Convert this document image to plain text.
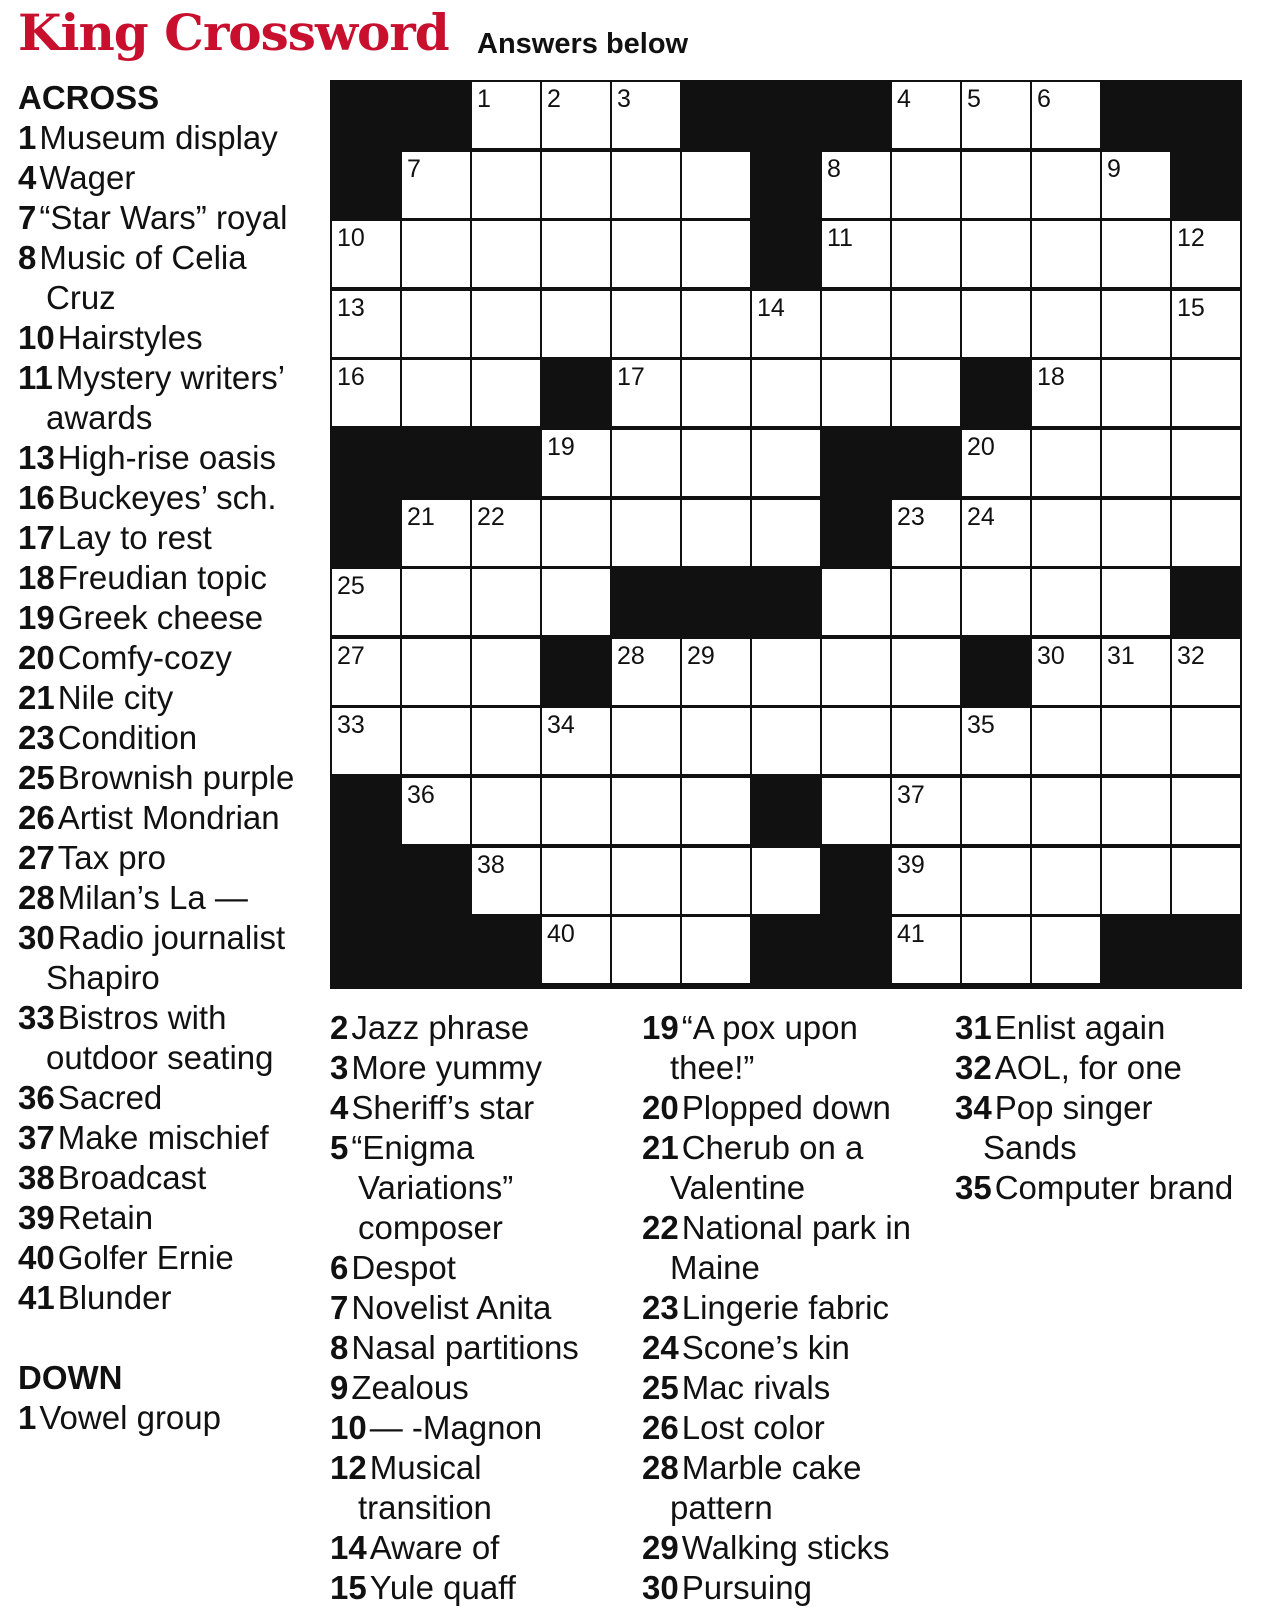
King Crossword Answers below
1 2 3	4 5 6
7	8	9
10	11	12
13	14	15
16	17	18
19	20
21 22	23 24
25
27	28 29	30 31 32
33	34	35
36	37
38	39
40	41
ACROSS
1Museum display
4Wager
7“Star Wars” royal
8Music of Celia Cruz
10Hairstyles
11Mystery writers’ awards
13High-rise oasis
16Buckeyes’ sch.
17Lay to rest
18Freudian topic
19Greek cheese
20Comfy-cozy
21Nile city
23Condition
25Brownish purple
26Artist Mondrian
27Tax pro
28Milan’s La —
30Radio journalist Shapiro
33Bistros with outdoor seating
36Sacred
37Make mischief
38Broadcast
39Retain
40Golfer Ernie
41Blunder
DOWN
1Vowel group
2Jazz phrase
3More yummy
4Sheriff’s star
5“Enigma Variations” composer
6Despot
7Novelist Anita
8Nasal partitions
9Zealous
10— -Magnon
12Musical transition
14Aware of
15Yule quaff
19“A pox upon thee!”
20Plopped down
21Cherub on a Valentine
22National park in Maine
23Lingerie fabric
24Scone’s kin
25Mac rivals
26Lost color
28Marble cake pattern
29Walking sticks
30Pursuing
31Enlist again
32AOL, for one
34Pop singer Sands
35Computer brand
